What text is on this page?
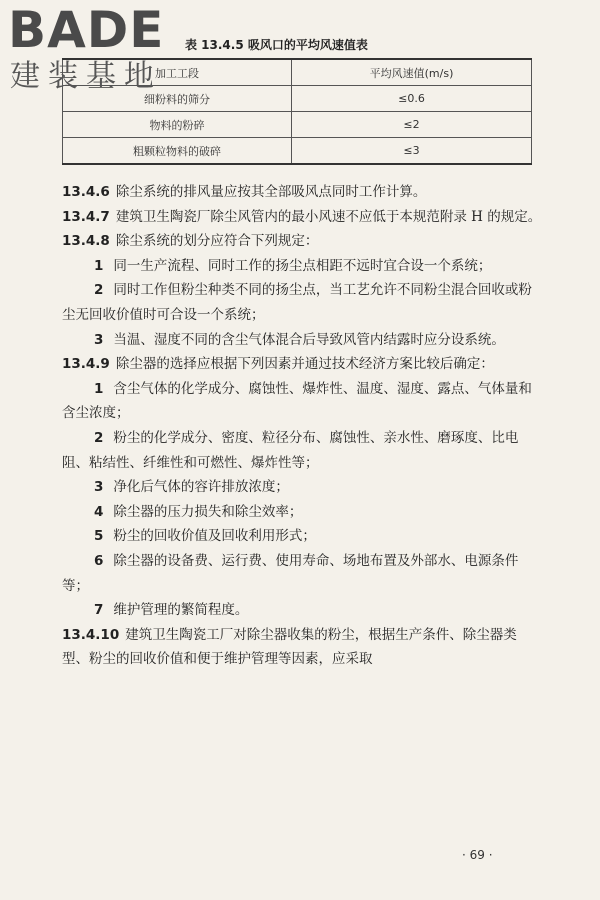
BADE
建装基地
表 13.4.5 吸风口的平均风速值表
加工工段	平均风速值(m/s)
细粉料的筛分	≤0.6
物料的粉碎	≤2
粗颗粒物料的破碎	≤3

13.4.6 除尘系统的排风量应按其全部吸风点同时工作计算。

13.4.7 建筑卫生陶瓷厂除尘风管内的最小风速不应低于本规范附录 H 的规定。

13.4.8 除尘系统的划分应符合下列规定：

1 同一生产流程、同时工作的扬尘点相距不远时宜合设一个系统；

2 同时工作但粉尘种类不同的扬尘点，当工艺允许不同粉尘混合回收或粉尘无回收价值时可合设一个系统；

3 当温、湿度不同的含尘气体混合后导致风管内结露时应分设系统。

13.4.9 除尘器的选择应根据下列因素并通过技术经济方案比较后确定：

1 含尘气体的化学成分、腐蚀性、爆炸性、温度、湿度、露点、气体量和含尘浓度；

2 粉尘的化学成分、密度、粒径分布、腐蚀性、亲水性、磨琢度、比电阻、粘结性、纤维性和可燃性、爆炸性等；

3 净化后气体的容许排放浓度；

4 除尘器的压力损失和除尘效率；

5 粉尘的回收价值及回收利用形式；

6 除尘器的设备费、运行费、使用寿命、场地布置及外部水、电源条件等；

7 维护管理的繁简程度。

13.4.10 建筑卫生陶瓷工厂对除尘器收集的粉尘，根据生产条件、除尘器类型、粉尘的回收价值和便于维护管理等因素，应采取

· 69 ·
